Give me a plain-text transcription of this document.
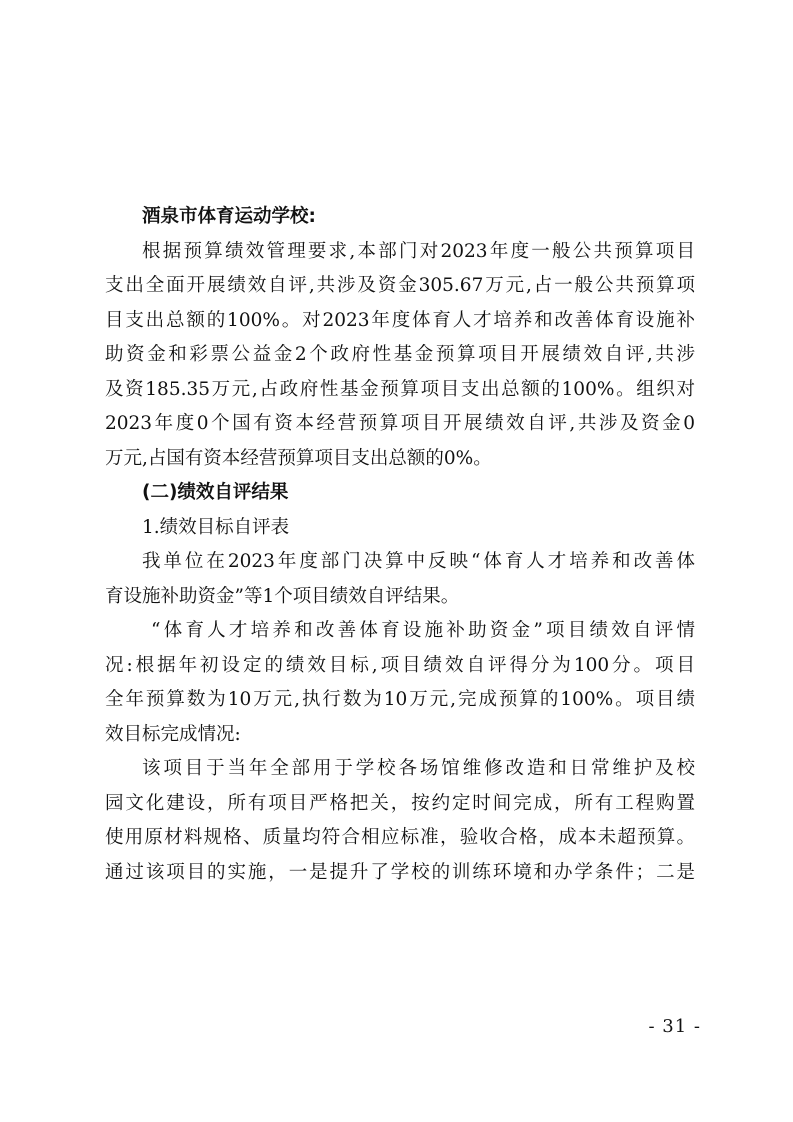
酒泉市体育运动学校:
根据预算绩效管理要求,本部门对2023年度一般公共预算项目
支出全面开展绩效自评,共涉及资金305.67万元,占一般公共预算项
目支出总额的100%。对2023年度体育人才培养和改善体育设施补
助资金和彩票公益金2个政府性基金预算项目开展绩效自评,共涉
及资185.35万元,占政府性基金预算项目支出总额的100%。组织对
2023年度0个国有资本经营预算项目开展绩效自评,共涉及资金0
万元,占国有资本经营预算项目支出总额的0%。
(二)绩效自评结果
1.绩效目标自评表
我单位在2023年度部门决算中反映“体育人才培养和改善体
育设施补助资金”等1个项目绩效自评结果。
“体育人才培养和改善体育设施补助资金”项目绩效自评情
况:根据年初设定的绩效目标,项目绩效自评得分为100分。项目
全年预算数为10万元,执行数为10万元,完成预算的100%。项目绩
效目标完成情况:
该项目于当年全部用于学校各场馆维修改造和日常维护及校
园文化建设，所有项目严格把关，按约定时间完成，所有工程购置
使用原材料规格、质量均符合相应标准，验收合格，成本未超预算。
通过该项目的实施，一是提升了学校的训练环境和办学条件；二是
- 31 -
